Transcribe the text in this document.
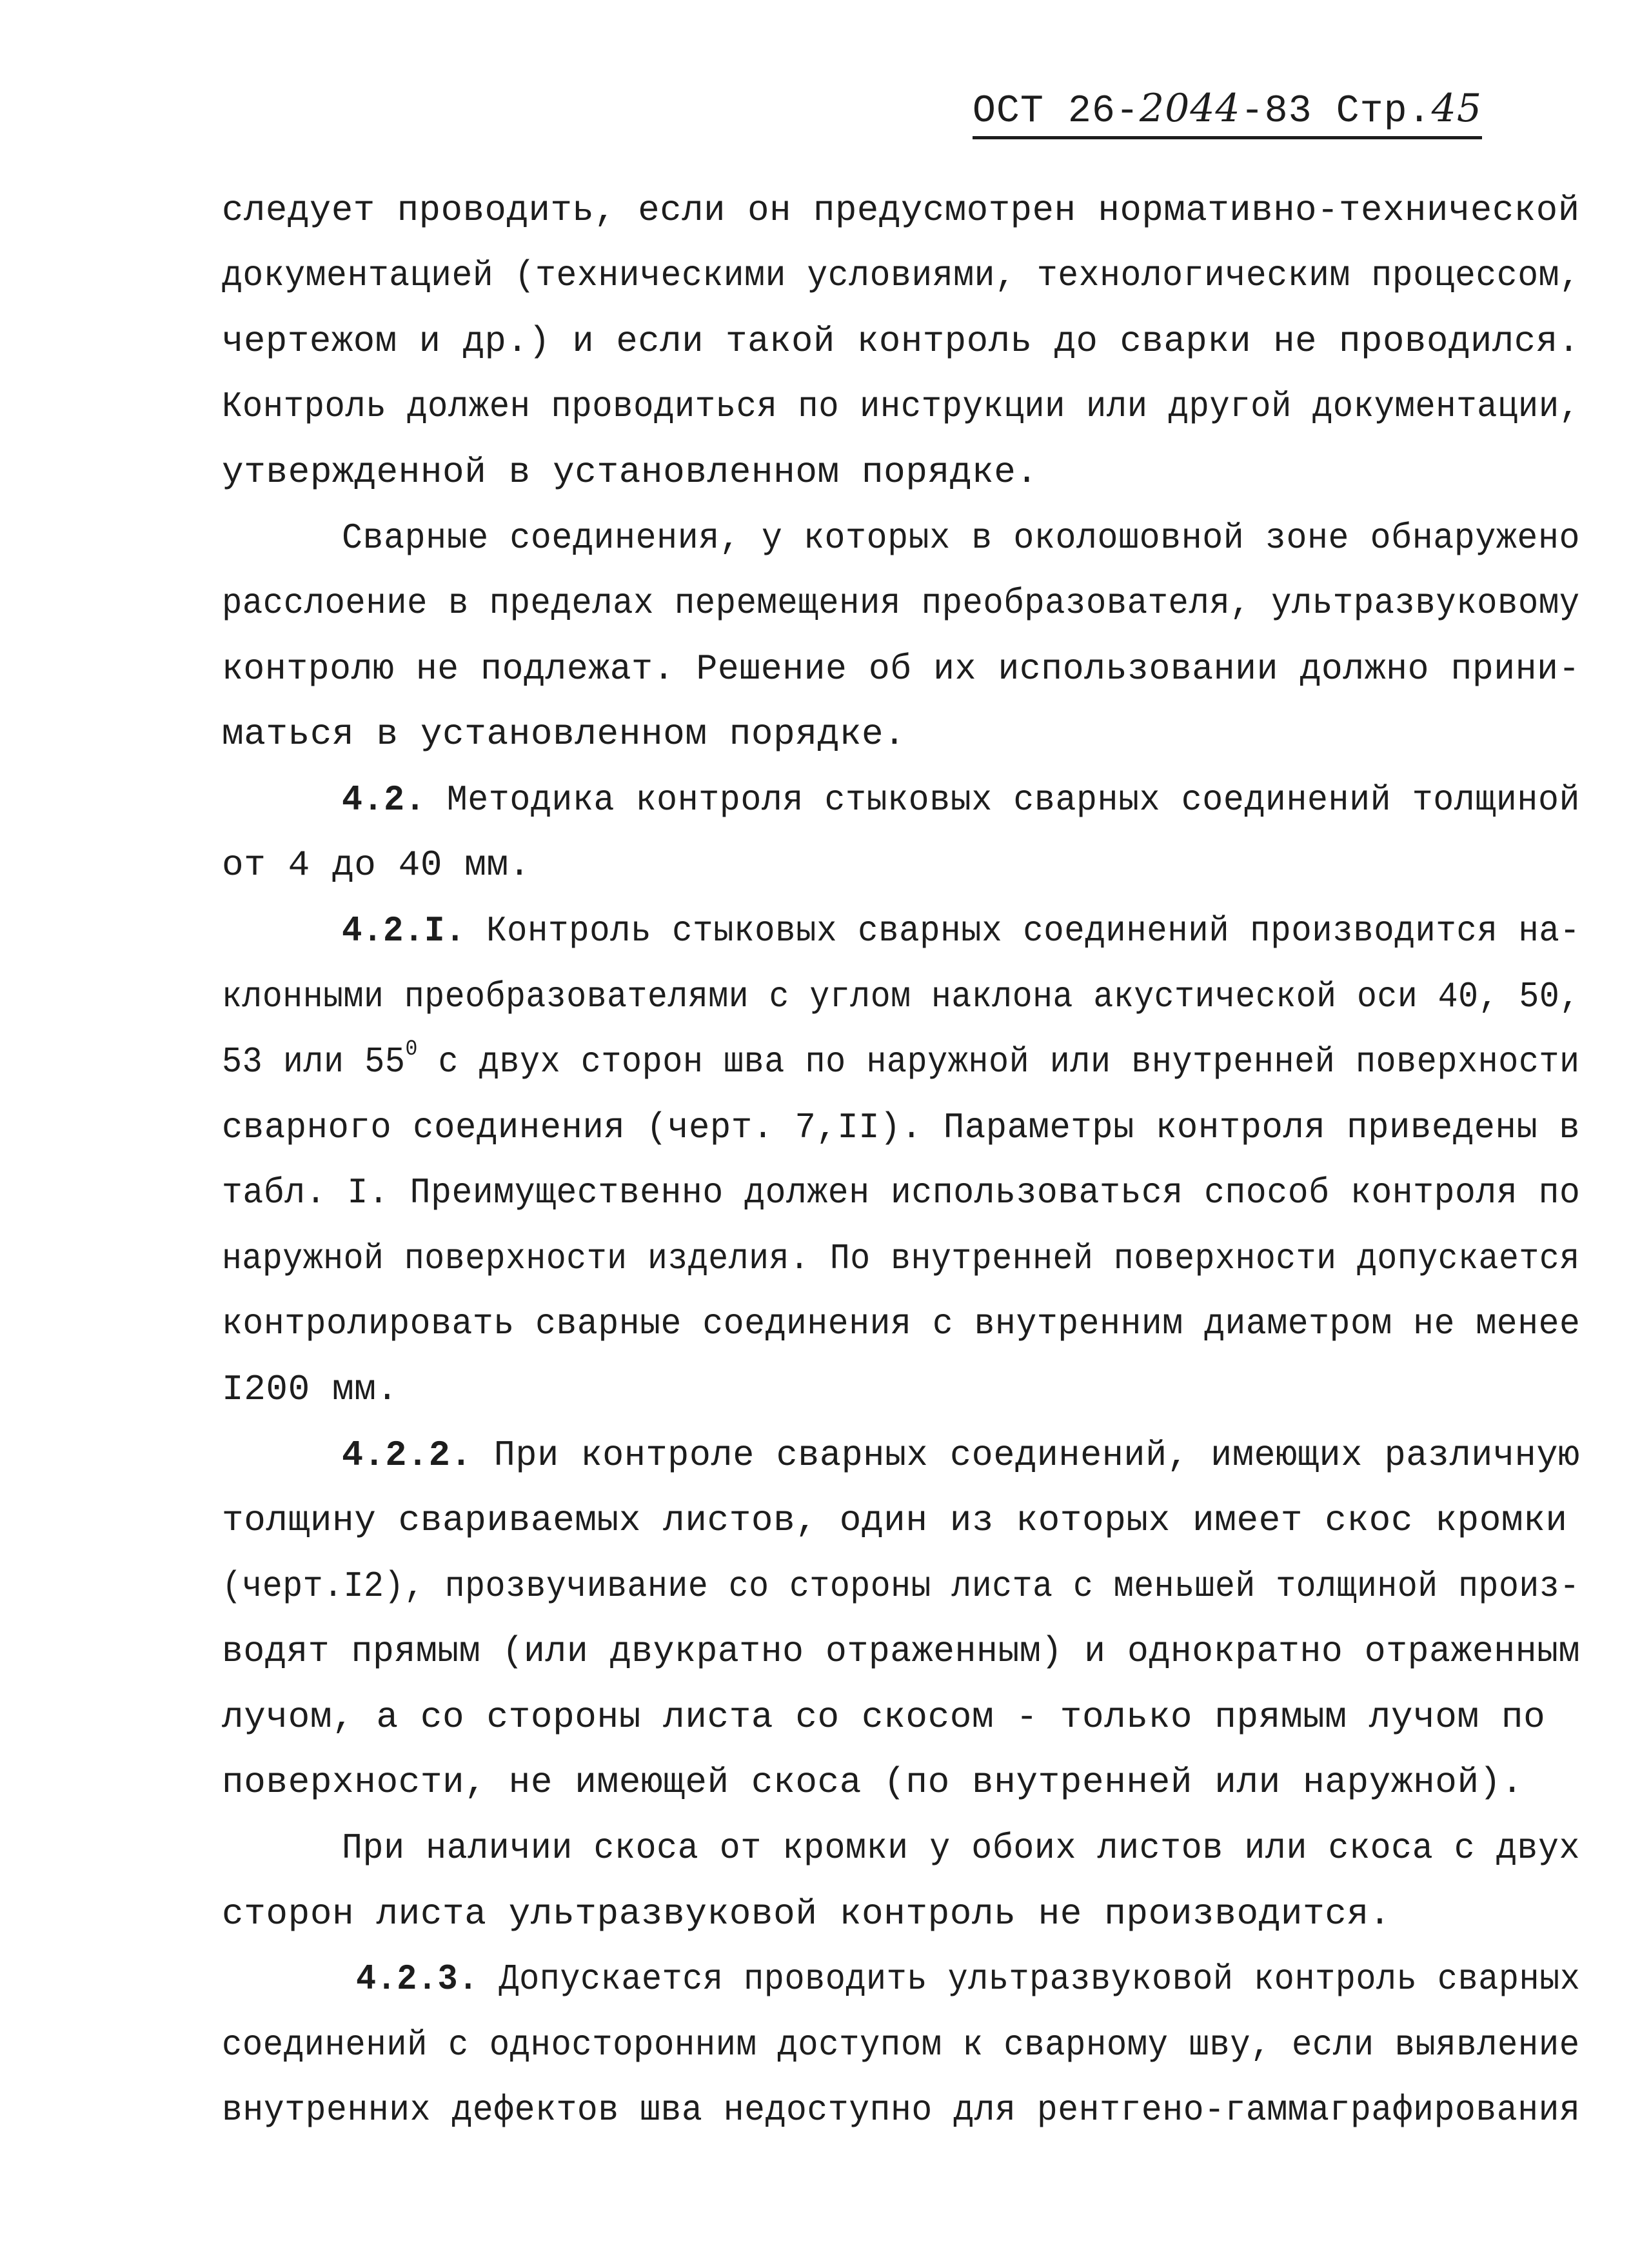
ОСТ 26-2044-83 Стр.45
следует проводить, если он предусмотрен нормативно-технической
документацией (техническими условиями, технологическим процессом,
чертежом и др.) и если такой контроль до сварки не проводился.
Контроль должен проводиться по инструкции или другой документации,
утвержденной в установленном порядке.
Сварные соединения, у которых в околошовной зоне обнаружено
расслоение в пределах перемещения преобразователя, ультразвуковому
контролю не подлежат. Решение об их использовании должно прини-
маться в установленном порядке.
4.2. Методика контроля стыковых сварных соединений толщиной
от 4 до 40 мм.
4.2.I. Контроль стыковых сварных соединений производится на-
клонными преобразователями с углом наклона акустической оси 40, 50,
53 или $55^0$ с двух сторон шва по наружной или внутренней поверхности
сварного соединения (черт. 7,II). Параметры контроля приведены в
табл. I. Преимущественно должен использоваться способ контроля по
наружной поверхности изделия. По внутренней поверхности допускается
контролировать сварные соединения с внутренним диаметром не менее
I200 мм.
4.2.2. При контроле сварных соединений, имеющих различную
толщину свариваемых листов, один из которых имеет скос кромки
(черт.I2), прозвучивание со стороны листа с меньшей толщиной произ-
водят прямым (или двукратно отраженным) и однократно отраженным
лучом, а со стороны листа со скосом - только прямым лучом по
поверхности, не имеющей скоса (по внутренней или наружной).
При наличии скоса от кромки у обоих листов или скоса с двух
сторон листа ультразвуковой контроль не производится.
4.2.3. Допускается проводить ультразвуковой контроль сварных
соединений с односторонним доступом к сварному шву, если выявление
внутренних дефектов шва недоступно для рентгено-гаммаграфирования
